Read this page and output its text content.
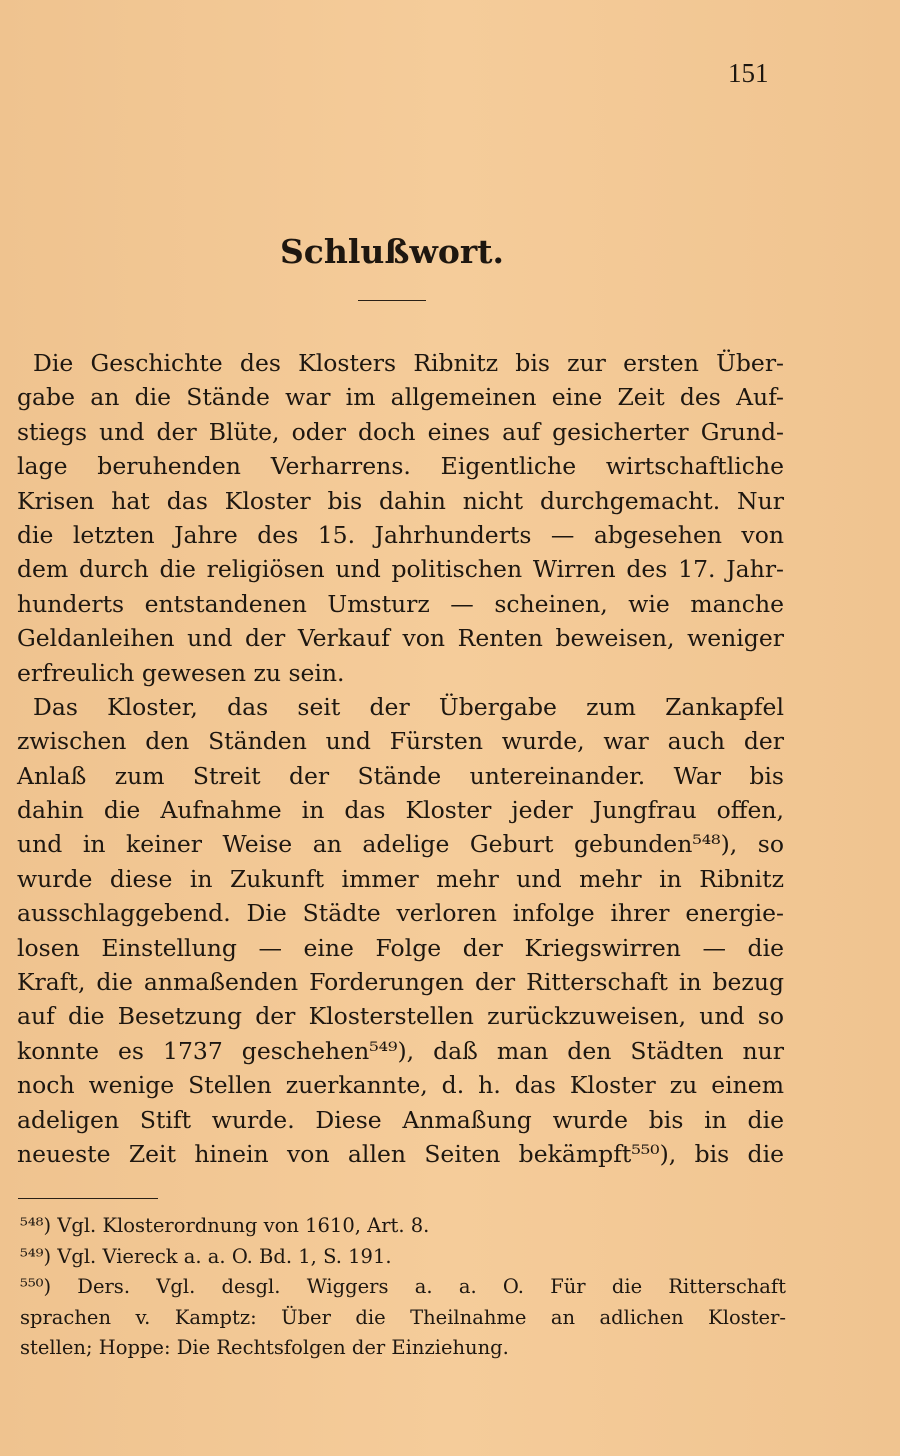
151
Schlußwort.
Die Geschichte des Klosters Ribnitz bis zur ersten Über-
gabe an die Stände war im allgemeinen eine Zeit des Auf-
stiegs und der Blüte, oder doch eines auf gesicherter Grund-
lage beruhenden Verharrens. Eigentliche wirtschaftliche
Krisen hat das Kloster bis dahin nicht durchgemacht. Nur
die letzten Jahre des 15. Jahrhunderts — abgesehen von
dem durch die religiösen und politischen Wirren des 17. Jahr-
hunderts entstandenen Umsturz — scheinen, wie manche
Geldanleihen und der Verkauf von Renten beweisen, weniger
erfreulich gewesen zu sein.
Das Kloster, das seit der Übergabe zum Zankapfel
zwischen den Ständen und Fürsten wurde, war auch der
Anlaß zum Streit der Stände untereinander. War bis
dahin die Aufnahme in das Kloster jeder Jungfrau offen,
und in keiner Weise an adelige Geburt gebunden⁵⁴⁸), so
wurde diese in Zukunft immer mehr und mehr in Ribnitz
ausschlaggebend. Die Städte verloren infolge ihrer energie-
losen Einstellung — eine Folge der Kriegswirren — die
Kraft, die anmaßenden Forderungen der Ritterschaft in bezug
auf die Besetzung der Klosterstellen zurückzuweisen, und so
konnte es 1737 geschehen⁵⁴⁹), daß man den Städten nur
noch wenige Stellen zuerkannte, d. h. das Kloster zu einem
adeligen Stift wurde. Diese Anmaßung wurde bis in die
neueste Zeit hinein von allen Seiten bekämpft⁵⁵⁰), bis die
⁵⁴⁸) Vgl. Klosterordnung von 1610, Art. 8.
⁵⁴⁹) Vgl. Viereck a. a. O. Bd. 1, S. 191.
⁵⁵⁰) Ders. Vgl. desgl. Wiggers a. a. O. Für die Ritterschaft
sprachen v. Kamptz: Über die Theilnahme an adlichen Kloster-
stellen; Hoppe: Die Rechtsfolgen der Einziehung.
